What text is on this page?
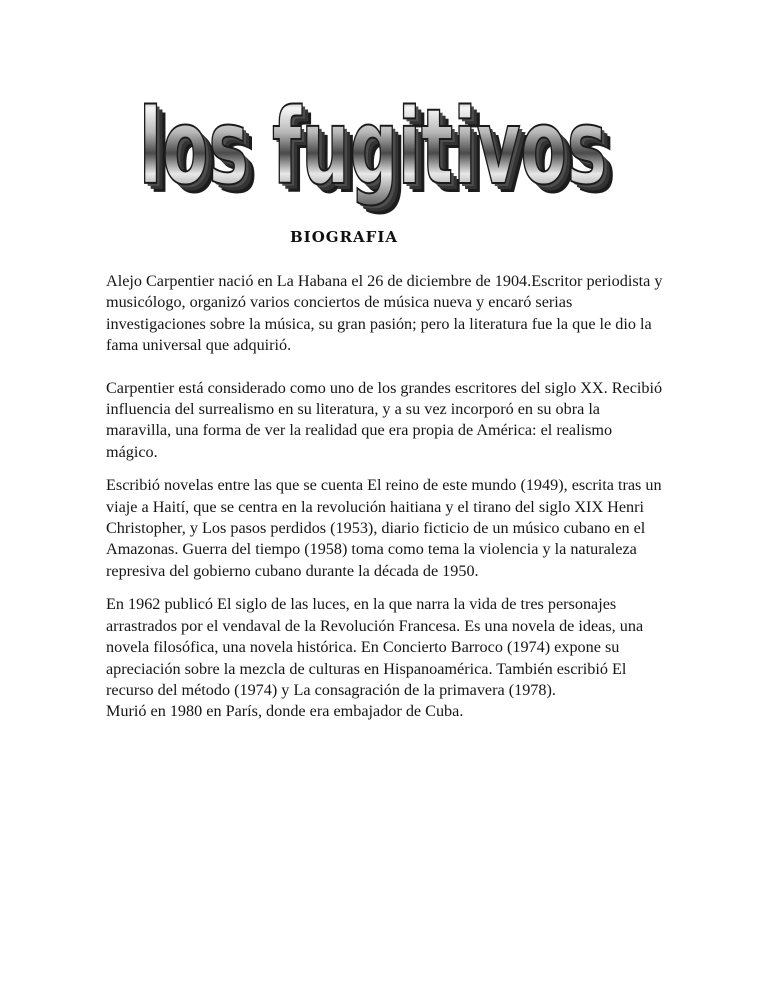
los fugitivos
los fugitivos
los fugitivos
los fugitivos
BIOGRAFIA

Alejo Carpentier nació en La Habana el 26 de diciembre de 1904.Escritor periodista y musicólogo, organizó varios conciertos de música nueva y encaró serias investigaciones sobre la música, su gran pasión; pero la literatura fue la que le dio la fama universal que adquirió.

Carpentier está considerado como uno de los grandes escritores del siglo XX. Recibió influencia del surrealismo en su literatura, y a su vez incorporó en su obra la maravilla, una forma de ver la realidad que era propia de América: el realismo mágico.

Escribió novelas entre las que se cuenta El reino de este mundo (1949), escrita tras un viaje a Haití, que se centra en la revolución haitiana y el tirano del siglo XIX Henri Christopher, y Los pasos perdidos (1953), diario ficticio de un músico cubano en el Amazonas. Guerra del tiempo (1958) toma como tema la violencia y la naturaleza represiva del gobierno cubano durante la década de 1950.

En 1962 publicó El siglo de las luces, en la que narra la vida de tres personajes arrastrados por el vendaval de la Revolución Francesa. Es una novela de ideas, una novela filosófica, una novela histórica. En Concierto Barroco (1974) expone su apreciación sobre la mezcla de culturas en Hispanoamérica. También escribió El recurso del método (1974) y La consagración de la primavera (1978).

Murió en 1980 en París, donde era embajador de Cuba.
